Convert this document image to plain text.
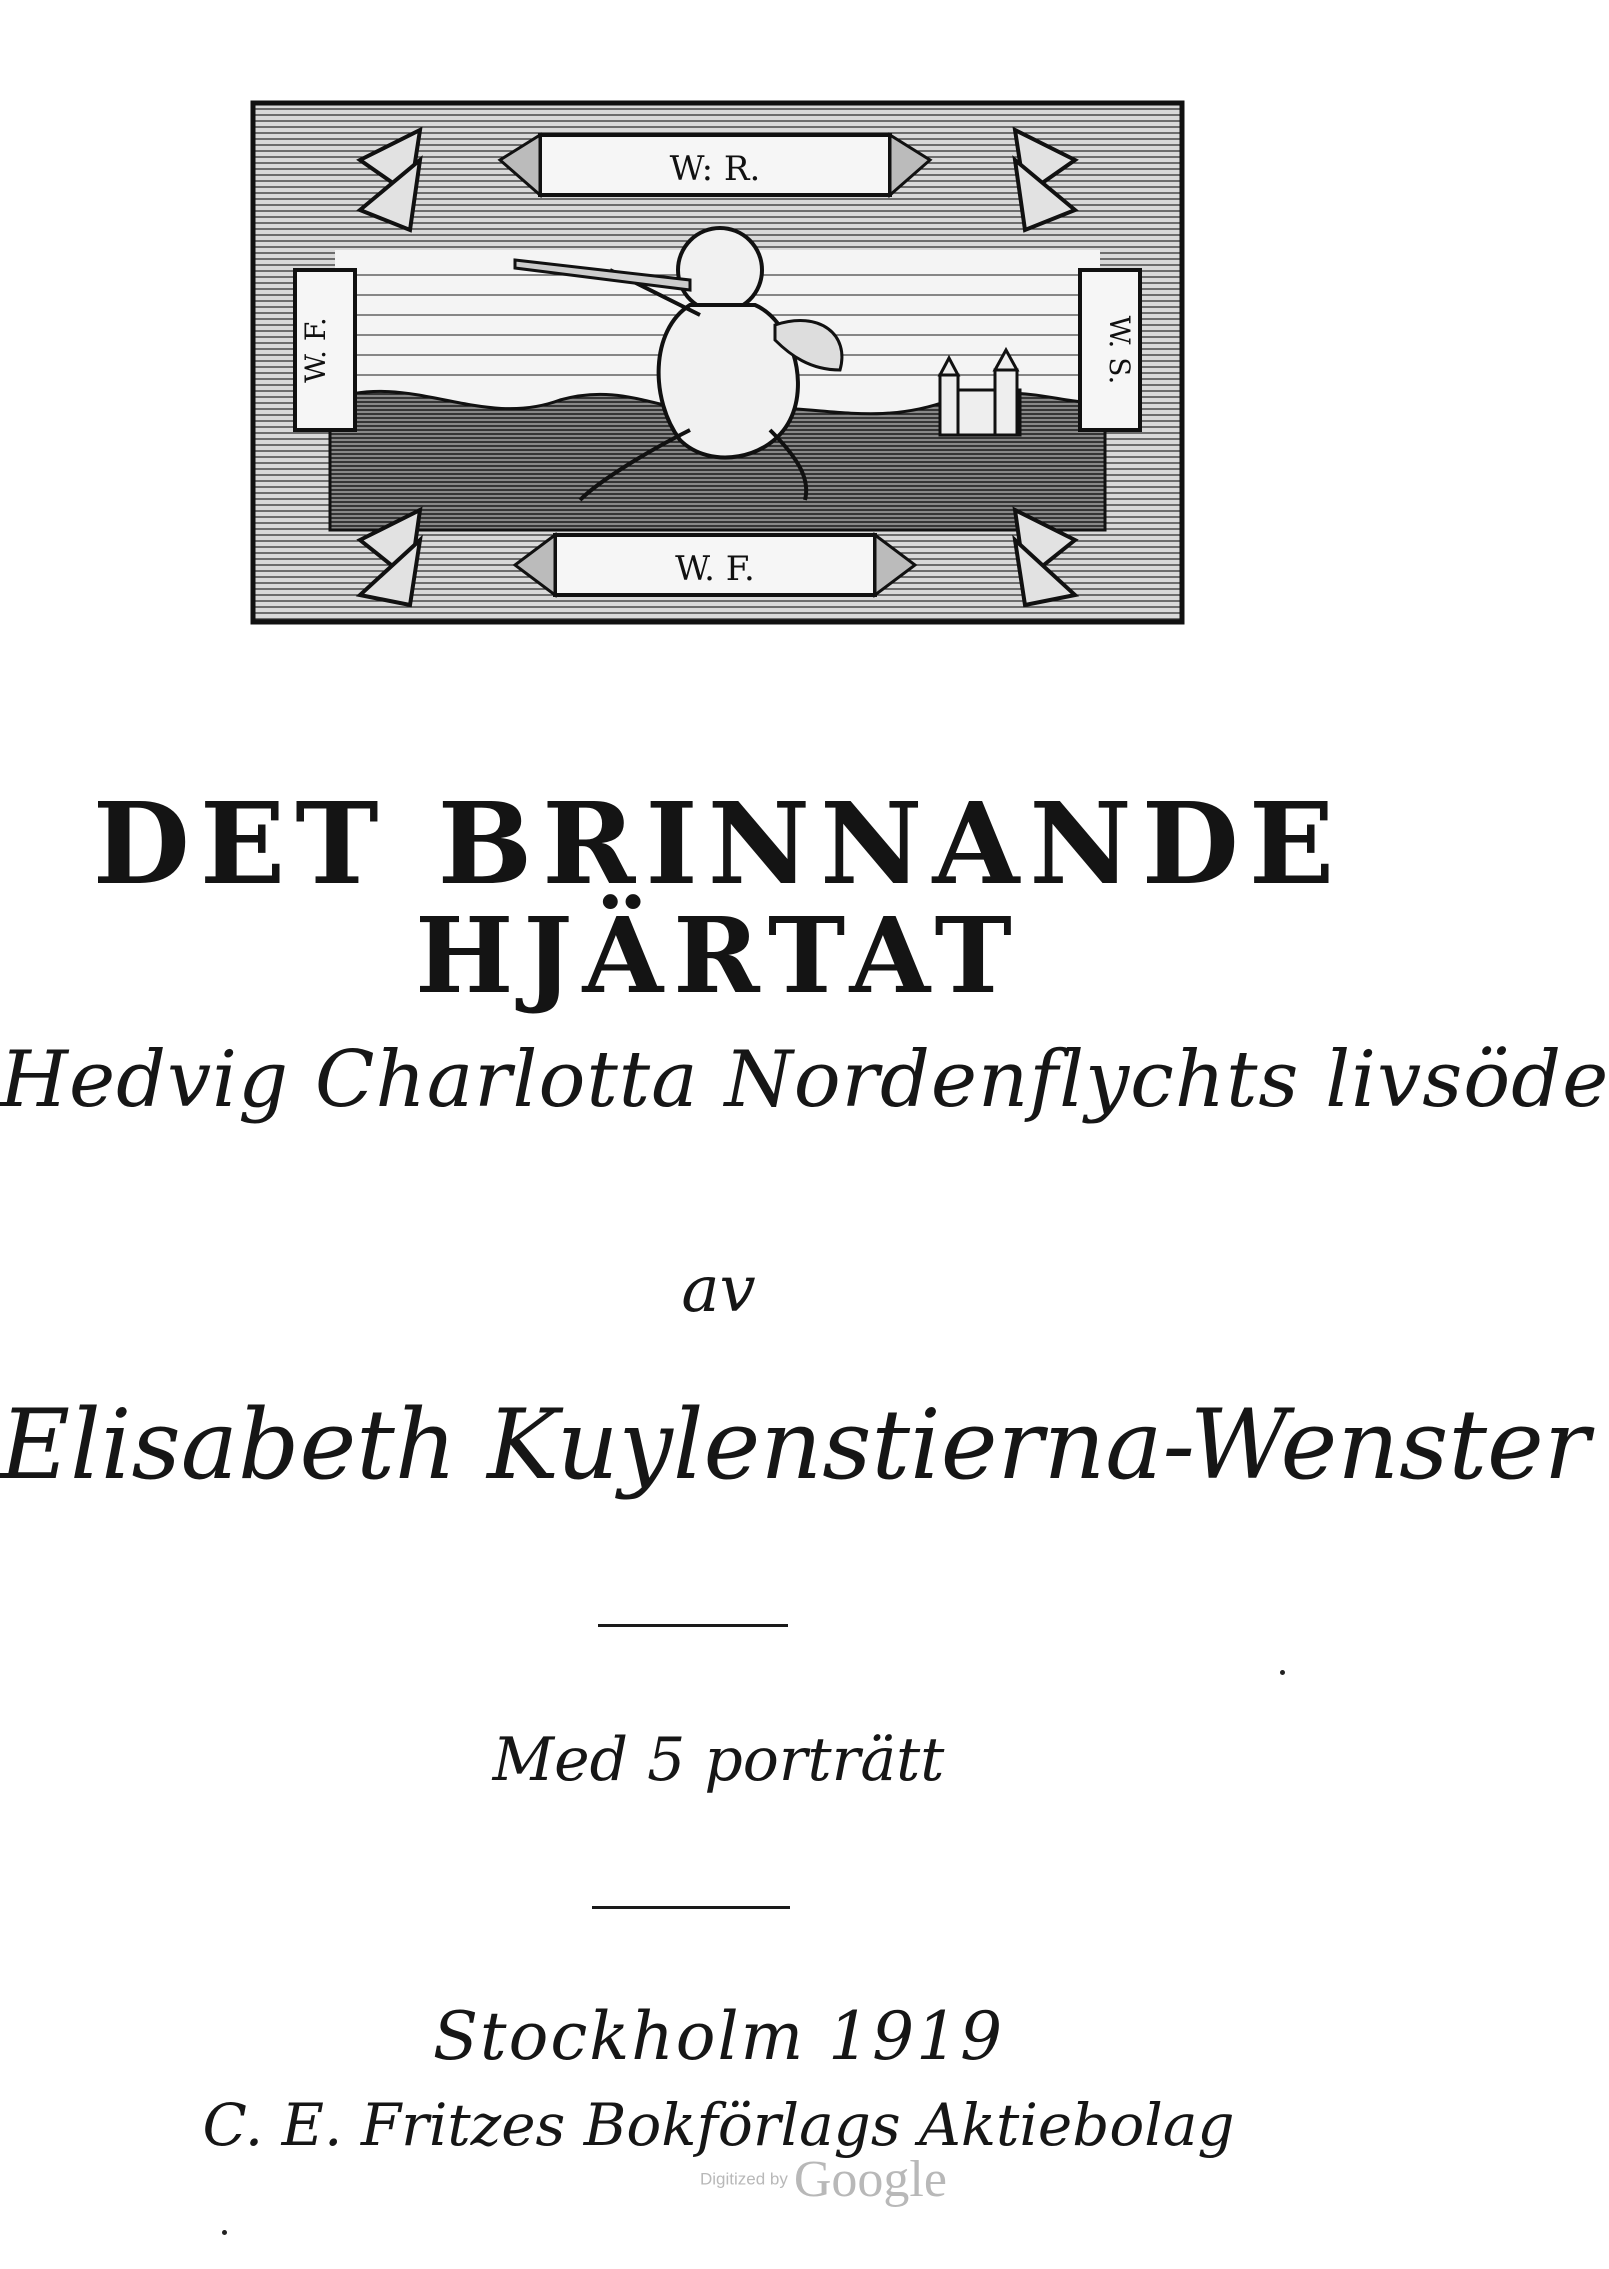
W: R.
W. F.
W. F.	W. S.
DET BRINNANDE
HJÄRTAT
Hedvig Charlotta Nordenflychts livsöde
av
Elisabeth Kuylenstierna-Wenster
Med 5 porträtt
Stockholm 1919
C. E. Fritzes Bokförlags Aktiebolag
Digitized by Google
